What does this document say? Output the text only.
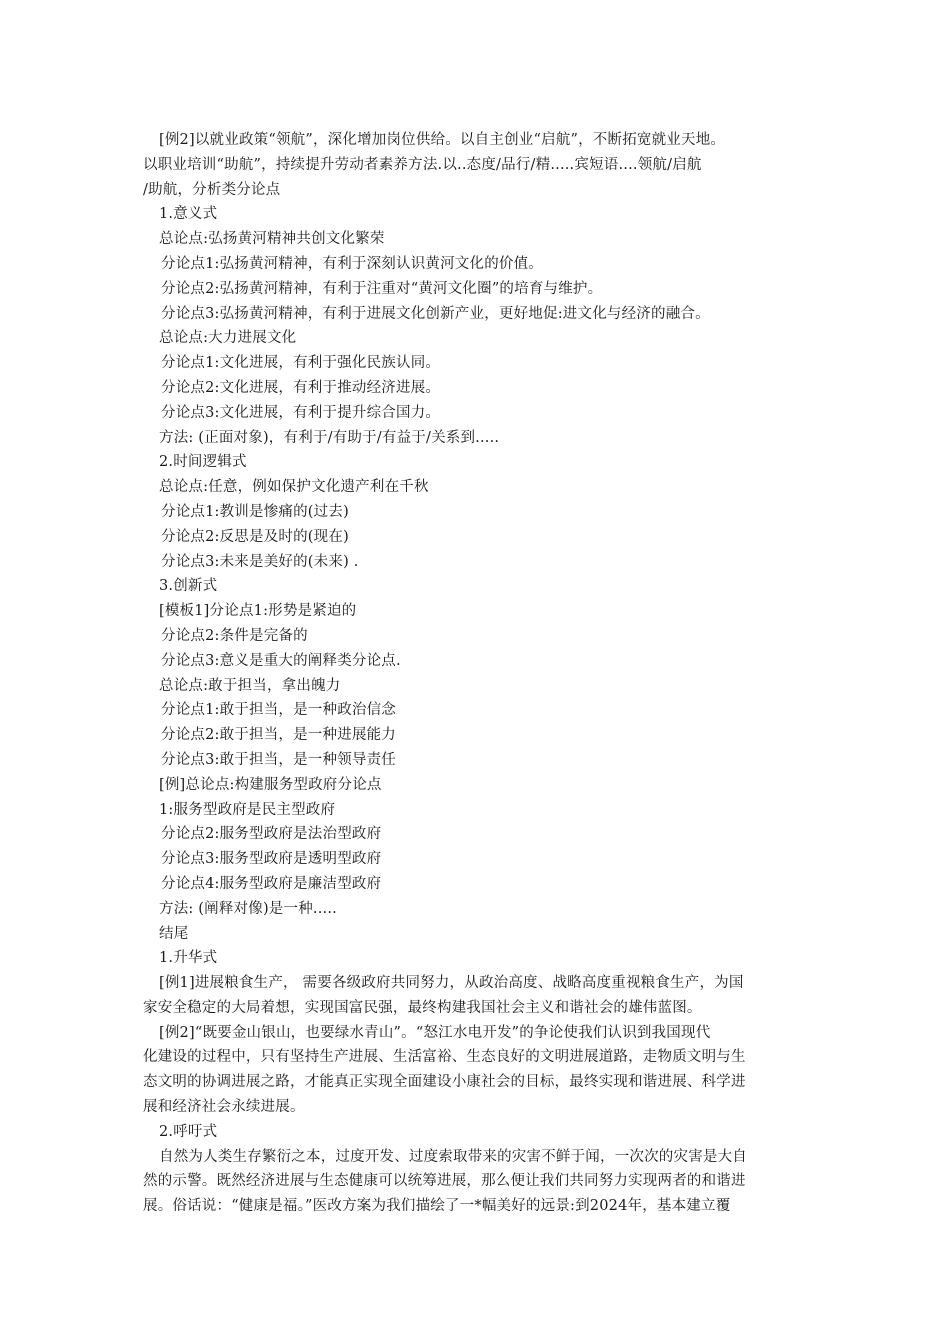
[例2]以就业政策“领航”，深化增加岗位供给。以自主创业“启航”，不断拓宽就业天地。
以职业培训“助航”，持续提升劳动者素养方法.以..态度/品行/精.....宾短语....领航/启航
/助航，分析类分论点
1.意义式
总论点:弘扬黄河精神共创文化繁荣
分论点1:弘扬黄河精神，有利于深刻认识黄河文化的价值。
分论点2:弘扬黄河精神，有利于注重对“黄河文化圈”的培育与维护。
分论点3:弘扬黄河精神，有利于进展文化创新产业，更好地促:进文化与经济的融合。
总论点:大力进展文化
分论点1:文化进展，有利于强化民族认同。
分论点2:文化进展，有利于推动经济进展。
分论点3:文化进展，有利于提升综合国力。
方法: (正面对象)，有利于/有助于/有益于/关系到.....
2.时间逻辑式
总论点:任意，例如保护文化遗产利在千秋
分论点1:教训是惨痛的(过去)
分论点2:反思是及时的(现在)
分论点3:未来是美好的(未来) .
3.创新式
[模板1]分论点1:形势是紧迫的
分论点2:条件是完备的
分论点3:意义是重大的阐释类分论点.
总论点:敢于担当，拿出魄力
分论点1:敢于担当，是一种政治信念
分论点2:敢于担当，是一种进展能力
分论点3:敢于担当，是一种领导责任
[例]总论点:构建服务型政府分论点
1:服务型政府是民主型政府
分论点2:服务型政府是法治型政府
分论点3:服务型政府是透明型政府
分论点4:服务型政府是廉洁型政府
方法: (阐释对像)是一种.....
结尾
1.升华式
[例1]进展粮食生产， 需要各级政府共同努力，从政治高度、战略高度重视粮食生产，为国
家安全稳定的大局着想，实现国富民强，最终构建我国社会主义和谐社会的雄伟蓝图。
[例2]“既要金山银山，也要绿水青山”。“怒江水电开发”的争论使我们认识到我国现代
化建设的过程中，只有坚持生产进展、生活富裕、生态良好的文明进展道路，走物质文明与生
态文明的协调进展之路，才能真正实现全面建设小康社会的目标，最终实现和谐进展、科学进
展和经济社会永续进展。
2.呼吁式
自然为人类生存繁衍之本，过度开发、过度索取带来的灾害不鲜于闻，一次次的灾害是大自
然的示警。既然经济进展与生态健康可以统筹进展，那么便让我们共同努力实现两者的和谐进
展。俗话说：“健康是福。”医改方案为我们描绘了一*幅美好的远景:到2024年，基本建立覆
